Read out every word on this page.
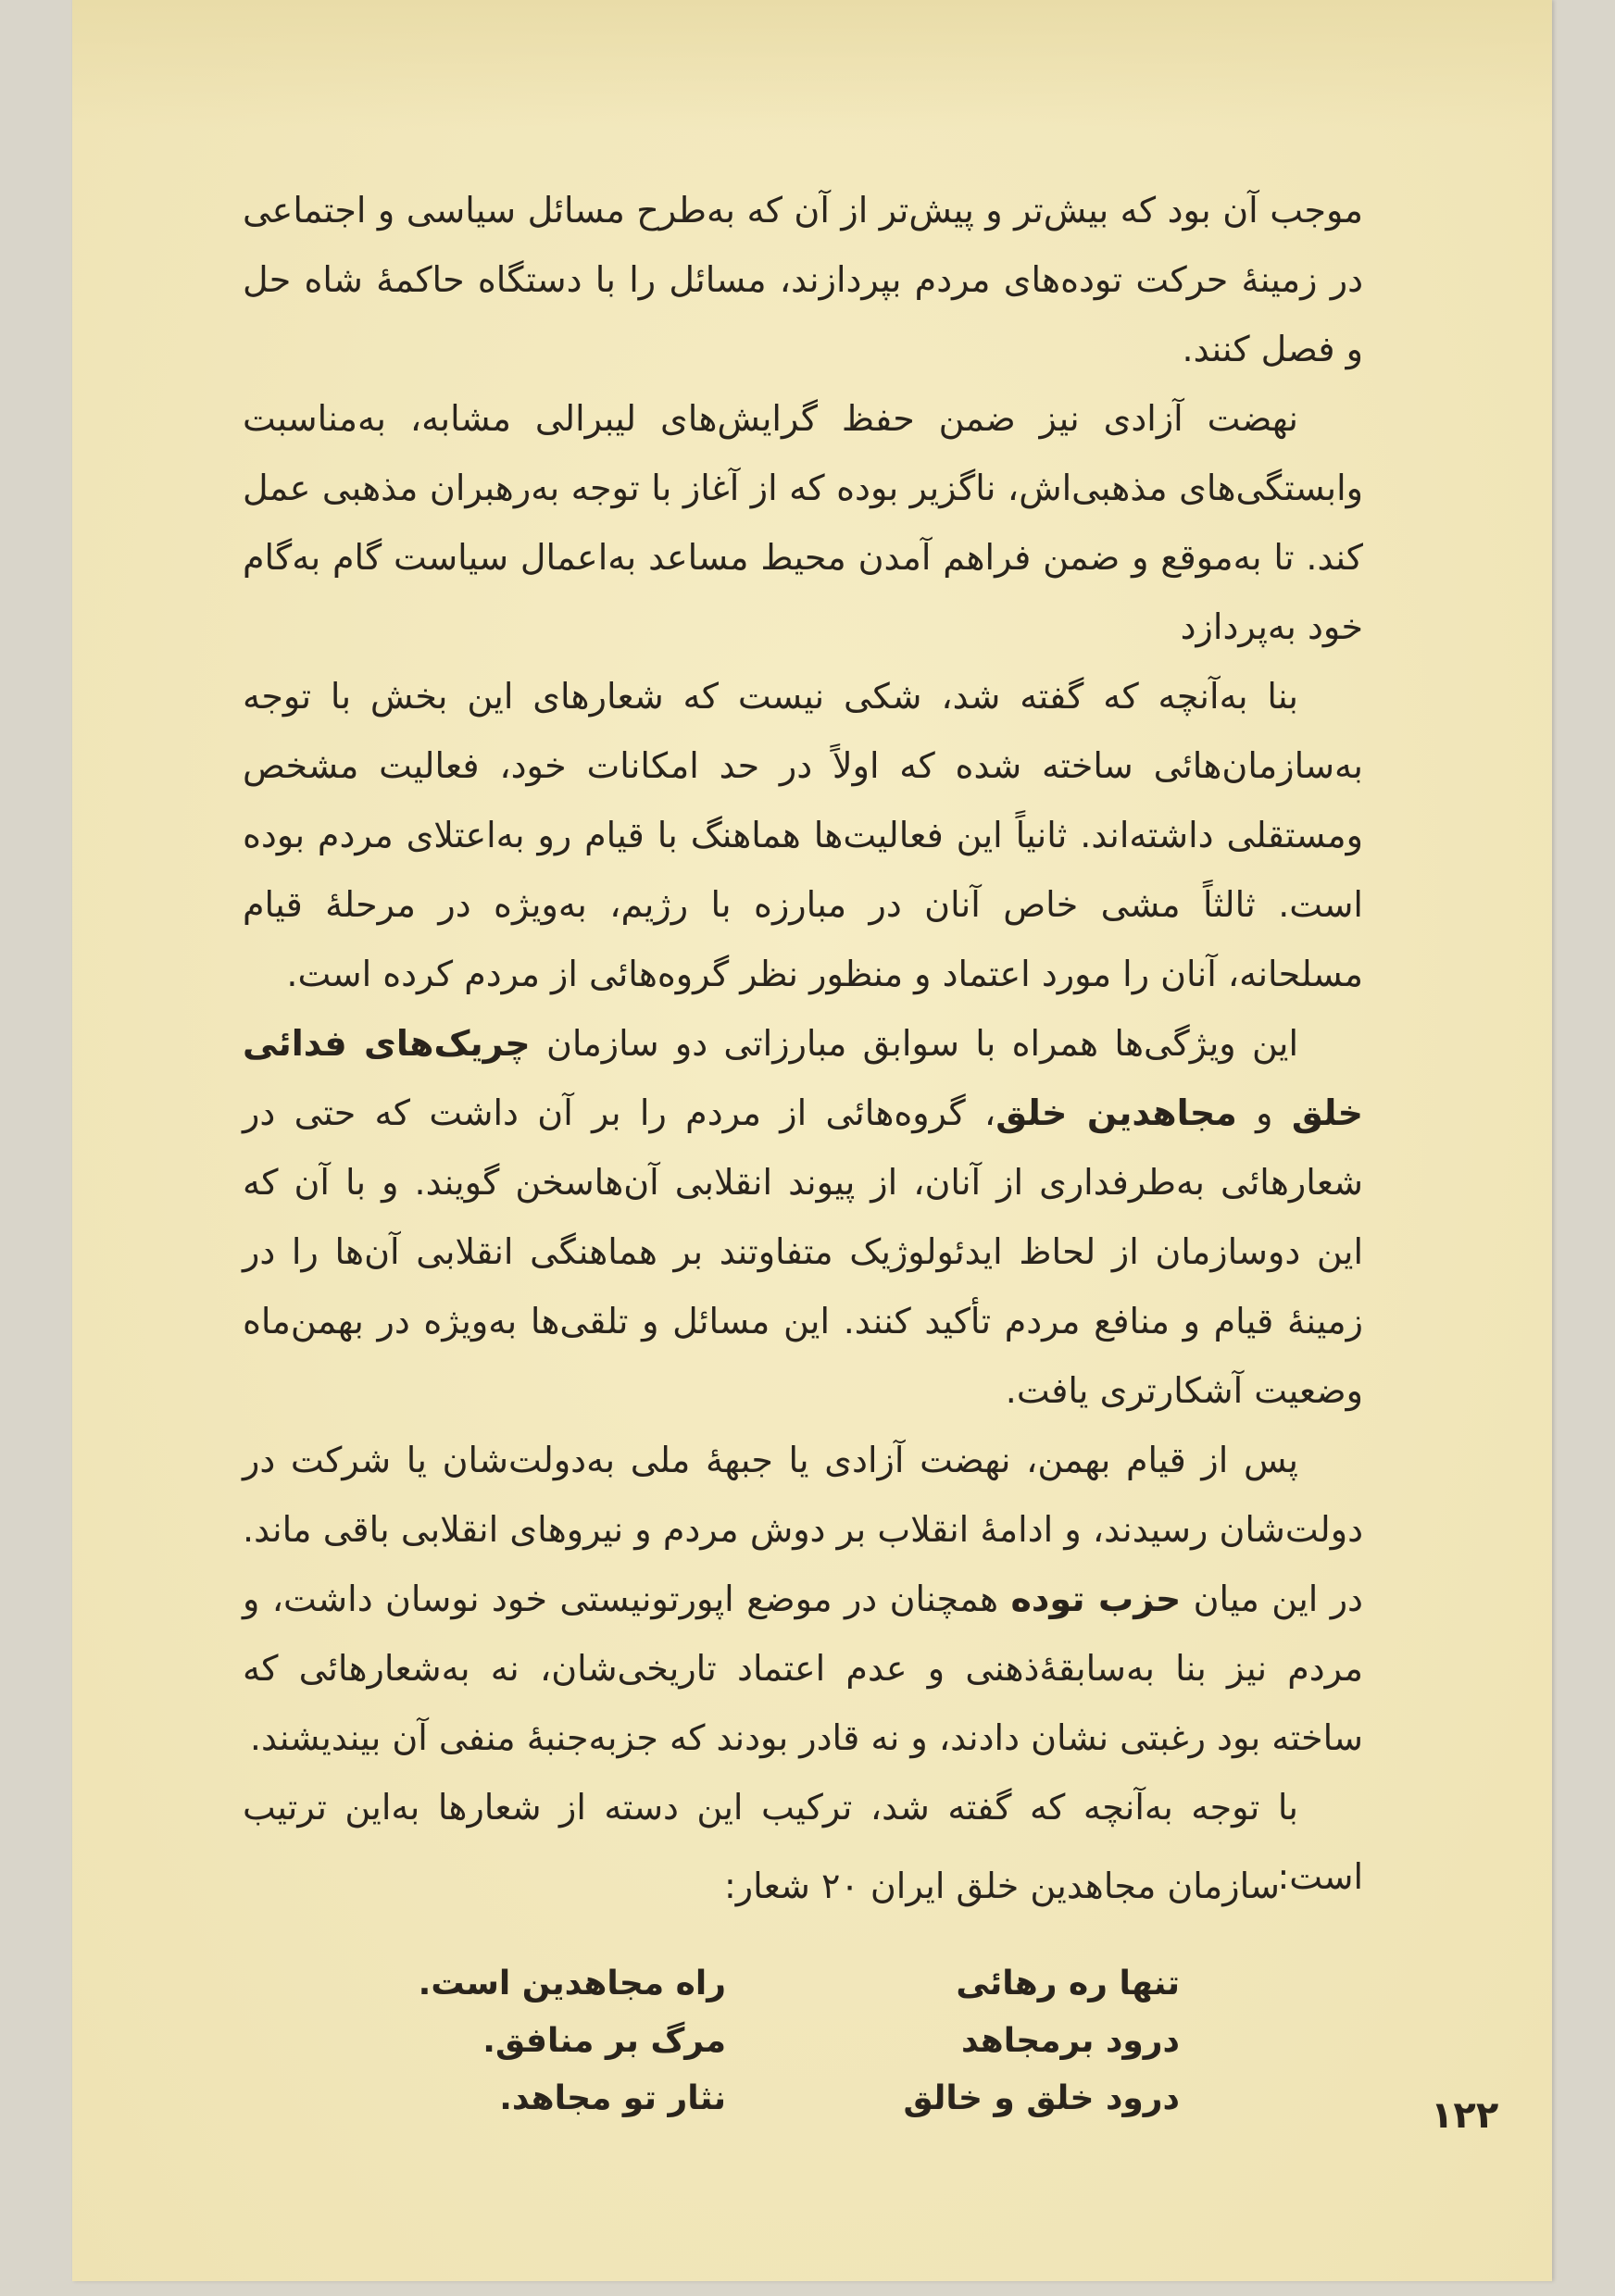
موجب آن بود که بیش‌تر و پیش‌تر از آن که به‌طرح مسائل سیاسی و اجتماعی در زمینهٔ حرکت توده‌های مردم بپردازند، مسائل را با دستگاه حاکمهٔ شاه حل و فصل کنند.

نهضت آزادی نیز ضمن حفظ گرایش‌های لیبرالی مشابه، به‌مناسبت وابستگی‌های مذهبی‌اش، ناگزیر بوده که از آغاز با توجه به‌رهبران مذهبی عمل کند. تا به‌موقع و ضمن فراهم آمدن محیط مساعد به‌اعمال سیاست گام به‌گام خود به‌پردازد

بنا به‌آنچه که گفته شد، شکی نیست که شعارهای این بخش با توجه به‌سازمان‌هائی ساخته شده که اولاً در حد امکانات خود، فعالیت مشخص ومستقلی داشته‌اند. ثانیاً این فعالیت‌ها هماهنگ با قیام رو به‌اعتلای مردم بوده است. ثالثاً مشی خاص آنان در مبارزه با رژیم، به‌ویژه در مرحلهٔ قیام مسلحانه، آنان را مورد اعتماد و منظور نظر گروه‌هائی از مردم کرده است.

این ویژگی‌ها همراه با سوابق مبارزاتی دو سازمان چریک‌های فدائی خلق و مجاهدین خلق، گروه‌هائی از مردم را بر آن داشت که حتی در شعارهائی به‌طرفداری از آنان، از پیوند انقلابی آن‌ها‌سخن گویند. و با آن که این دوسازمان از لحاظ ایدئولوژیک متفاوتند بر هماهنگی انقلابی آن‌ها را در زمینهٔ قیام و منافع مردم تأکید کنند. این مسائل و تلقی‌ها به‌ویژه در بهمن‌ماه وضعیت آشکارتری یافت.

پس از قیام بهمن، نهضت آزادی یا جبههٔ ملی به‌دولت‌شان یا شرکت در دولت‌شان رسیدند، و ادامهٔ انقلاب بر دوش مردم و نیروهای انقلابی باقی ماند. در این میان حزب توده همچنان در موضع اپورتونیستی خود نوسان داشت، و مردم نیز بنا به‌سابقهٔ‌ذهنی و عدم اعتماد تاریخی‌شان، نه به‌شعارهائی که ساخته بود رغبتی نشان دادند، و نه قادر بودند که جزبه‌جنبهٔ منفی آن بیندیشند.

با توجه به‌آنچه که گفته شد، ترکیب این دسته از شعارها به‌این ترتیب است:

سازمان مجاهدین خلق ایران ۲۰ شعار:
تنها ره رهائی
درود برمجاهد
درود خلق و خالق
راه مجاهدین است.
مرگ بر منافق.
نثار تو مجاهد.	۱۲۲
